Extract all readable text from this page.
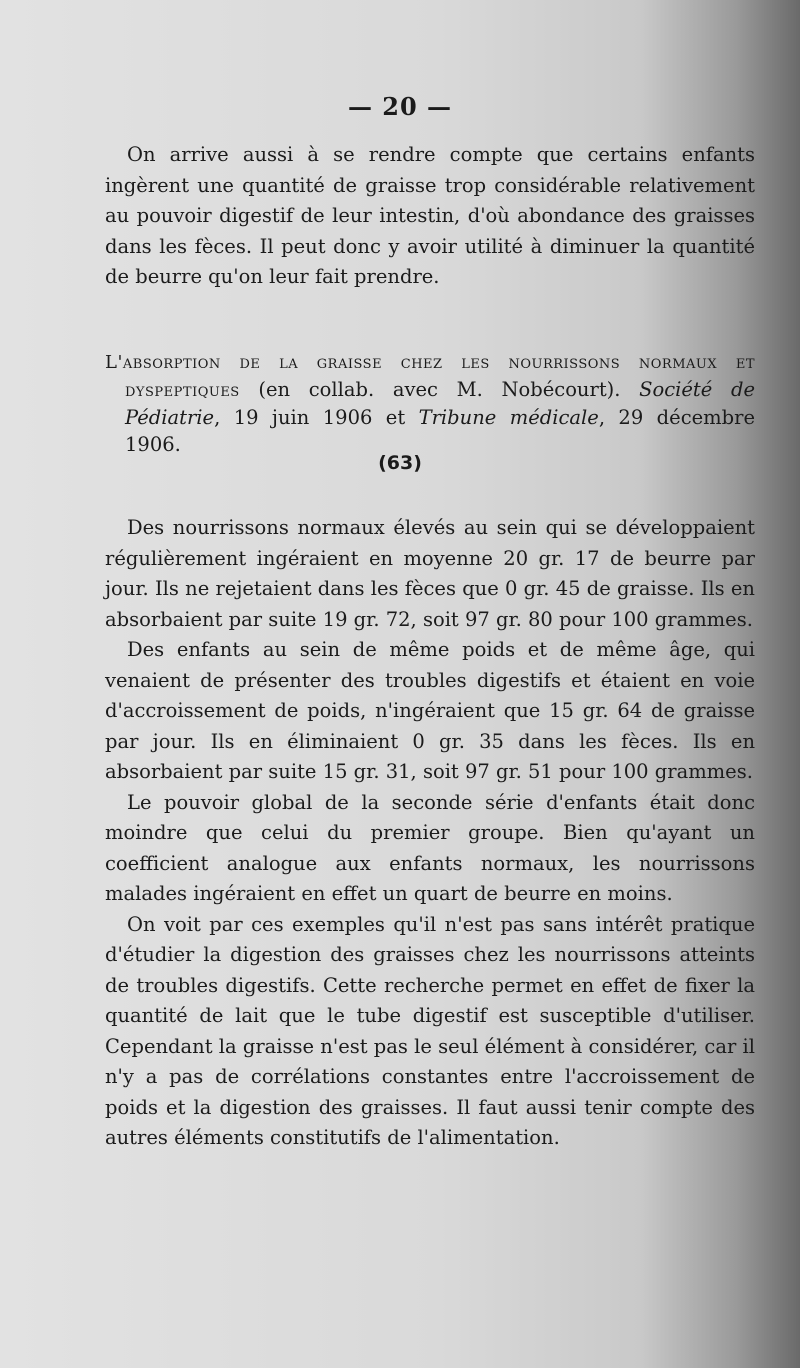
— 20 —

On arrive aussi à se rendre compte que certains enfants ingèrent une quantité de graisse trop considérable relativement au pouvoir digestif de leur intestin, d'où abondance des graisses dans les fèces. Il peut donc y avoir utilité à diminuer la quantité de beurre qu'on leur fait prendre.

L'absorption de la graisse chez les nourrissons normaux et dyspeptiques (en collab. avec M. Nobécourt). Société de Pédiatrie, 19 juin 1906 et Tribune médicale, 29 décembre 1906.

(63)

Des nourrissons normaux élevés au sein qui se développaient régulièrement ingéraient en moyenne 20 gr. 17 de beurre par jour. Ils ne rejetaient dans les fèces que 0 gr. 45 de graisse. Ils en absorbaient par suite 19 gr. 72, soit 97 gr. 80 pour 100 grammes.

Des enfants au sein de même poids et de même âge, qui venaient de présenter des troubles digestifs et étaient en voie d'accroissement de poids, n'ingéraient que 15 gr. 64 de graisse par jour. Ils en éliminaient 0 gr. 35 dans les fèces. Ils en absorbaient par suite 15 gr. 31, soit 97 gr. 51 pour 100 grammes.

Le pouvoir global de la seconde série d'enfants était donc moindre que celui du premier groupe. Bien qu'ayant un coefficient analogue aux enfants normaux, les nourrissons malades ingéraient en effet un quart de beurre en moins.

On voit par ces exemples qu'il n'est pas sans intérêt pratique d'étudier la digestion des graisses chez les nourrissons atteints de troubles digestifs. Cette recherche permet en effet de fixer la quantité de lait que le tube digestif est susceptible d'utiliser. Cependant la graisse n'est pas le seul élément à considérer, car il n'y a pas de corrélations constantes entre l'accroissement de poids et la digestion des graisses. Il faut aussi tenir compte des autres éléments constitutifs de l'alimentation.
